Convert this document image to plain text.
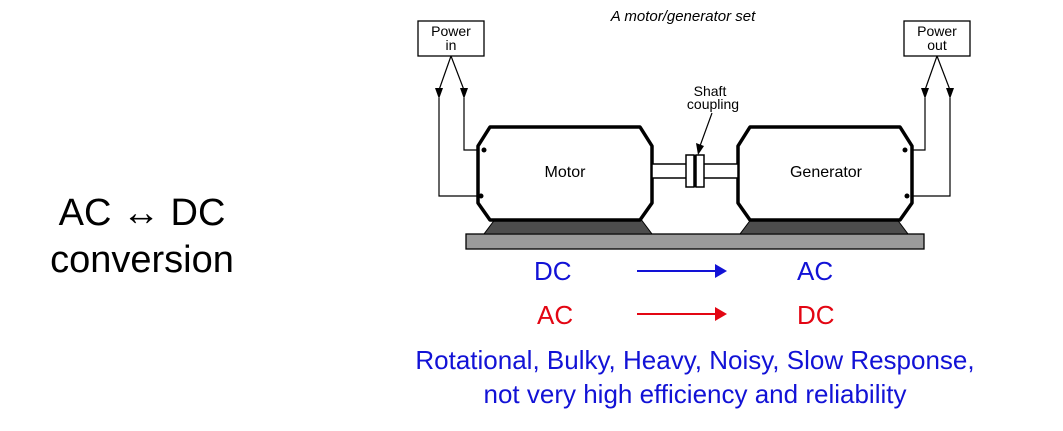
AC ↔ DC
conversion
A motor/generator set
Power
in
Power
out
Motor	Generator
Shaft
coupling
DC	AC
AC	DC
Rotational, Bulky, Heavy, Noisy, Slow Response,
not very high efficiency and reliability
